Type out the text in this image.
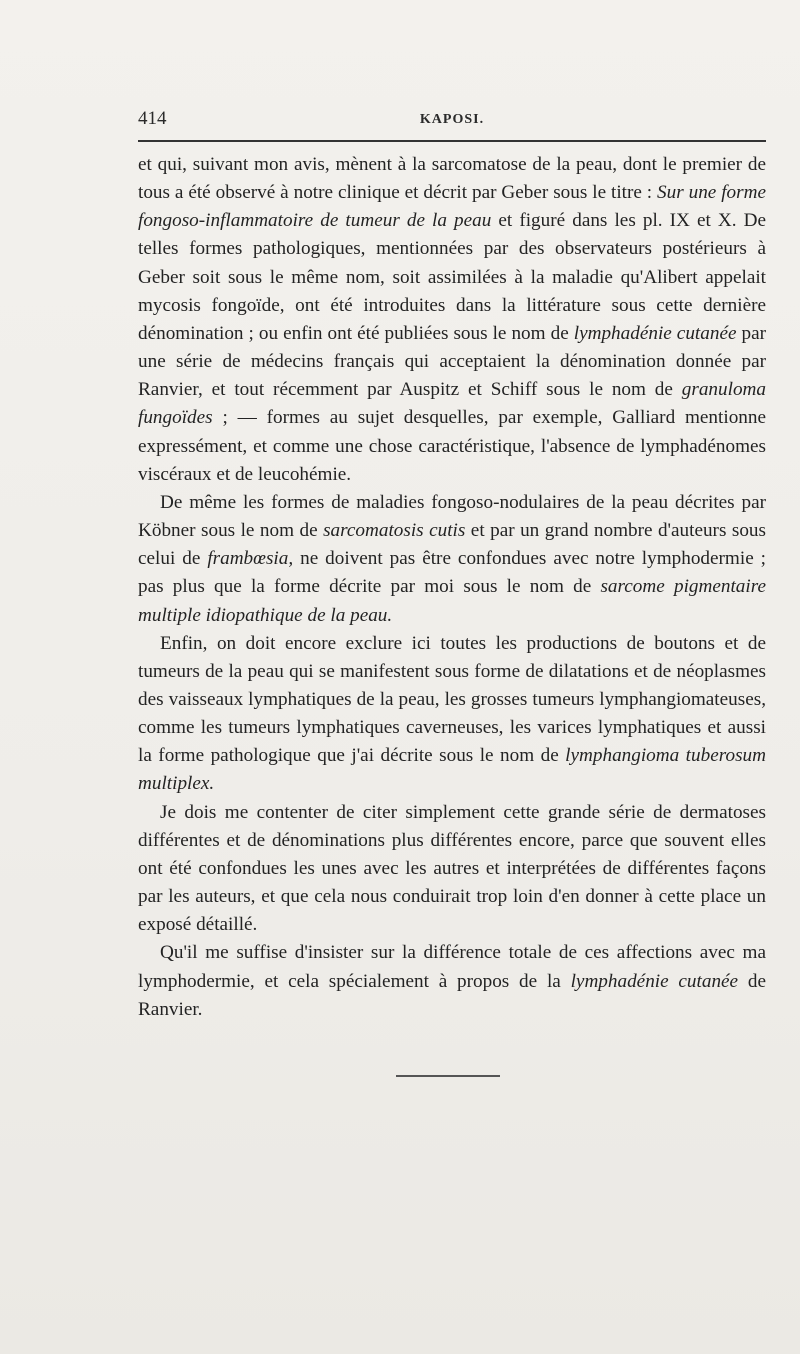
414	KAPOSI.

et qui, suivant mon avis, mènent à la sarcomatose de la peau, dont le premier de tous a été observé à notre clinique et décrit par Geber sous le titre : Sur une forme fongoso-inflammatoire de tumeur de la peau et figuré dans les pl. IX et X. De telles formes pathologiques, mentionnées par des observateurs postérieurs à Geber soit sous le même nom, soit assimilées à la maladie qu'Alibert appelait mycosis fongoïde, ont été introduites dans la littérature sous cette dernière dénomination ; ou enfin ont été publiées sous le nom de lymphadénie cutanée par une série de médecins français qui acceptaient la dénomination donnée par Ranvier, et tout récemment par Auspitz et Schiff sous le nom de granuloma fungoïdes ; — formes au sujet desquelles, par exemple, Galliard mentionne expressément, et comme une chose caractéristique, l'absence de lymphadénomes viscéraux et de leucohémie.

De même les formes de maladies fongoso-nodulaires de la peau décrites par Köbner sous le nom de sarcomatosis cutis et par un grand nombre d'auteurs sous celui de frambœsia, ne doivent pas être confondues avec notre lymphodermie ; pas plus que la forme décrite par moi sous le nom de sarcome pigmentaire multiple idiopathique de la peau.

Enfin, on doit encore exclure ici toutes les productions de boutons et de tumeurs de la peau qui se manifestent sous forme de dilatations et de néoplasmes des vaisseaux lymphatiques de la peau, les grosses tumeurs lymphangiomateuses, comme les tumeurs lymphatiques caverneuses, les varices lymphatiques et aussi la forme pathologique que j'ai décrite sous le nom de lymphangioma tuberosum multiplex.

Je dois me contenter de citer simplement cette grande série de dermatoses différentes et de dénominations plus différentes encore, parce que souvent elles ont été confondues les unes avec les autres et interprétées de différentes façons par les auteurs, et que cela nous conduirait trop loin d'en donner à cette place un exposé détaillé.

Qu'il me suffise d'insister sur la différence totale de ces affections avec ma lymphodermie, et cela spécialement à propos de la lymphadénie cutanée de Ranvier.
